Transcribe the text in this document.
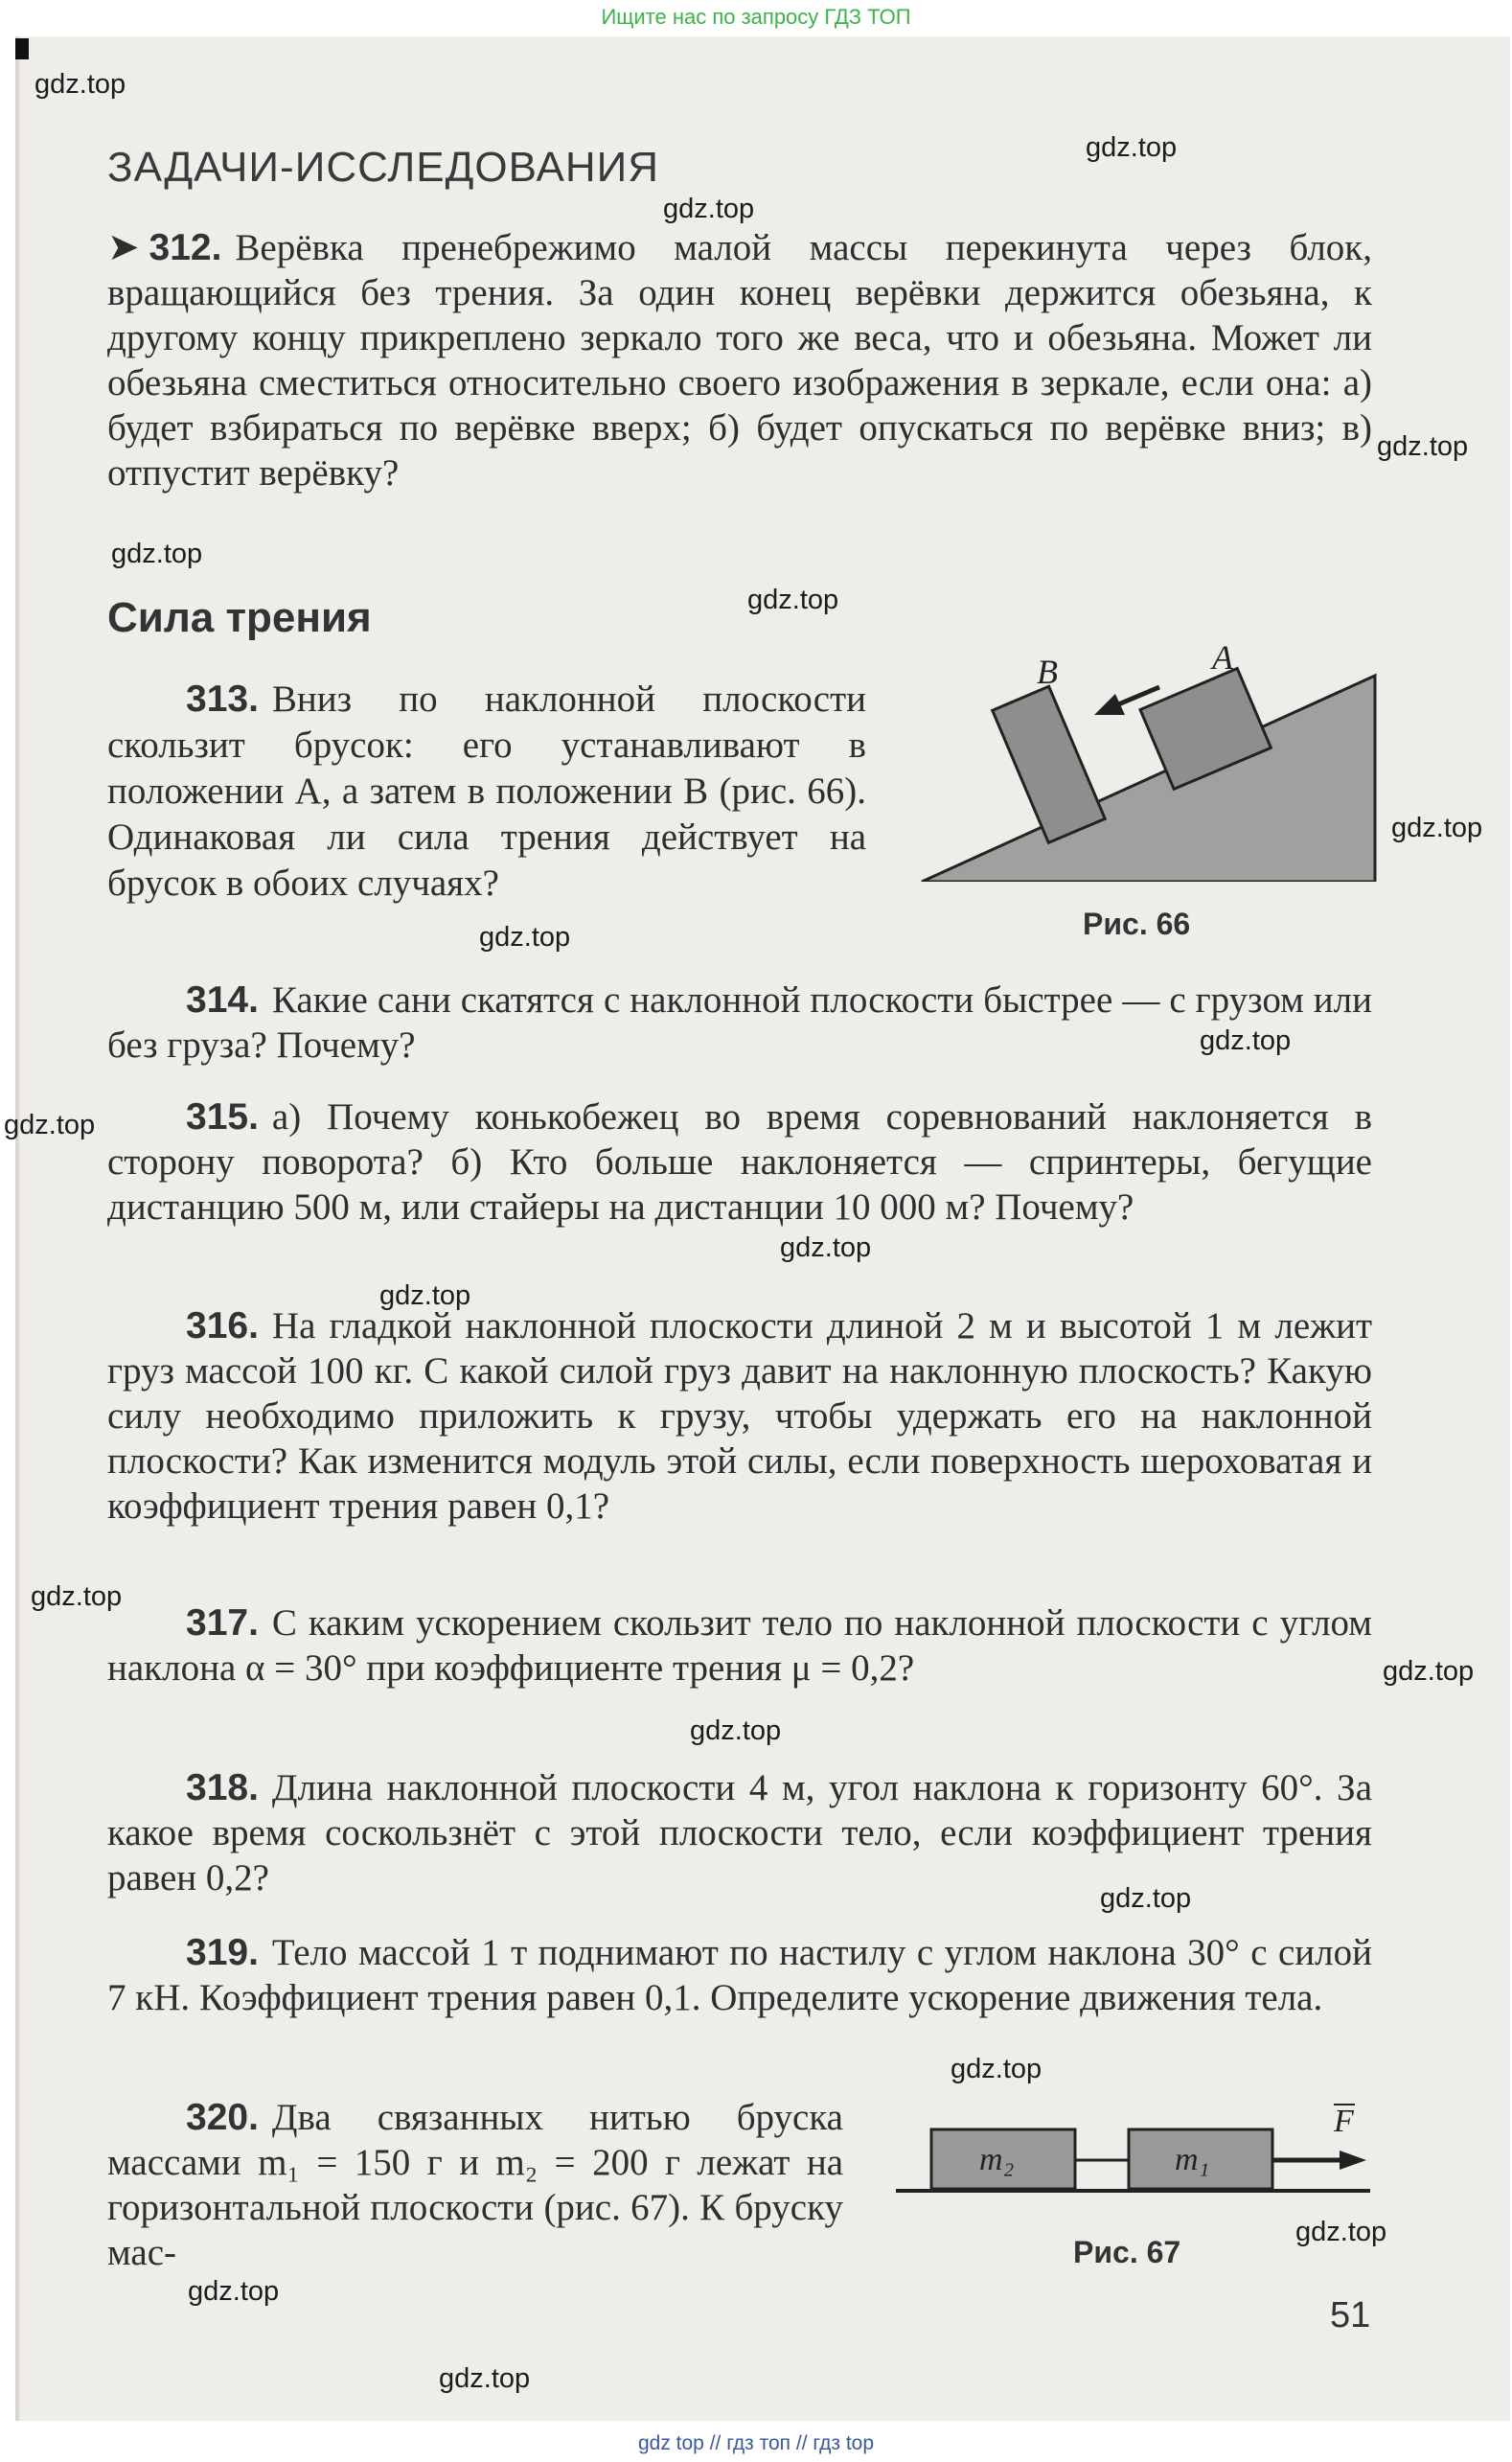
Ищите нас по запросу ГДЗ ТОП
gdz.top
gdz.top
gdz.top
gdz.top
gdz.top
gdz.top
gdz.top
gdz.top
gdz.top
gdz.top
gdz.top
gdz.top
gdz.top
gdz.top
gdz.top
gdz.top
gdz.top
gdz.top
gdz.top
gdz.top
ЗАДАЧИ-ИССЛЕДОВАНИЯ
➤ 312. Верёвка пренебрежимо малой массы перекинута через блок, вращающийся без трения. За один конец верёвки держится обезьяна, к другому концу прикреплено зеркало того же веса, что и обезьяна. Может ли обезьяна сместиться относительно своего изображения в зеркале, если она: а) будет взбираться по верёвке вверх; б) будет опускаться по верёвке вниз; в) отпустит верёвку?
Сила трения
313. Вниз по наклонной плоскости скользит брусок: его устанавливают в положении A, а затем в положении B (рис. 66). Одинаковая ли сила трения действует на брусок в обоих случаях?
A
B
Рис. 66
314. Какие сани скатятся с наклонной плоскости быстрее — с грузом или без груза? Почему?
315. а) Почему конькобежец во время соревнований наклоняется в сторону поворота? б) Кто больше наклоняется — спринтеры, бегущие дистанцию 500 м, или стайеры на дистанции 10 000 м? Почему?
316. На гладкой наклонной плоскости длиной 2 м и высотой 1 м лежит груз массой 100 кг. С какой силой груз давит на наклонную плоскость? Какую силу необходимо приложить к грузу, чтобы удержать его на наклонной плоскости? Как изменится модуль этой силы, если поверхность шероховатая и коэффициент трения равен 0,1?
317. С каким ускорением скользит тело по наклонной плоскости с углом наклона α = 30° при коэффициенте трения μ = 0,2?
318. Длина наклонной плоскости 4 м, угол наклона к горизонту 60°. За какое время соскользнёт с этой плоскости тело, если коэффициент трения равен 0,2?
319. Тело массой 1 т поднимают по настилу с углом наклона 30° с силой 7 кН. Коэффициент трения равен 0,1. Определите ускорение движения тела.
320. Два связанных нитью бруска массами m₁ = 150 г и m₂ = 200 г лежат на горизонтальной плоскости (рис. 67). К бруску мас-
m₂	m₁
F
Рис. 67
51
gdz top // гдз топ // гдз top
